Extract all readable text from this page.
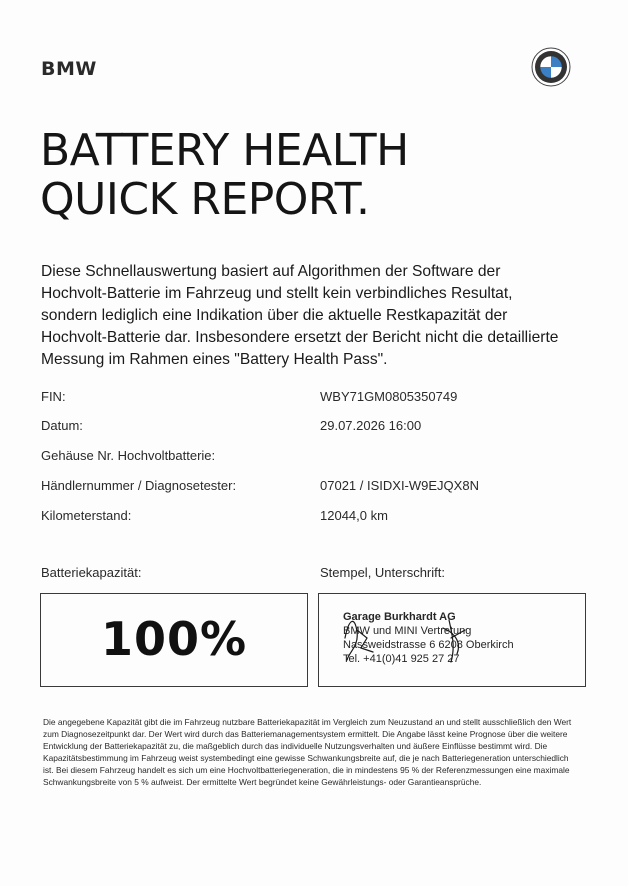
BMW
BATTERY HEALTH
QUICK REPORT.
Diese Schnellauswertung basiert auf Algorithmen der Software der Hochvolt-Batterie im Fahrzeug und stellt kein verbindliches Resultat, sondern lediglich eine Indikation über die aktuelle Restkapazität der Hochvolt-Batterie dar. Insbesondere ersetzt der Bericht nicht die detaillierte Messung im Rahmen eines "Battery Health Pass".
FIN:	WBY71GM0805350749
Datum:	29.07.2026 16:00
Gehäuse Nr. Hochvoltbatterie:
Händlernummer / Diagnosetester:	07021 / ISIDXI-W9EJQX8N
Kilometerstand:	12044,0 km
Batteriekapazität:
100%
Stempel, Unterschrift:
Garage Burkhardt AG
BMW und MINI Vertretung
Nassweidstrasse 6 6208 Oberkirch
Tel. +41(0)41 925 27 27
Die angegebene Kapazität gibt die im Fahrzeug nutzbare Batteriekapazität im Vergleich zum Neuzustand an und stellt ausschließlich den Wert zum Diagnosezeitpunkt dar. Der Wert wird durch das Batteriemanagementsystem ermittelt. Die Angabe lässt keine Prognose über die weitere Entwicklung der Batteriekapazität zu, die maßgeblich durch das individuelle Nutzungsverhalten und äußere Einflüsse bestimmt wird. Die Kapazitätsbestimmung im Fahrzeug weist systembedingt eine gewisse Schwankungsbreite auf, die je nach Batteriegeneration unterschiedlich ist. Bei diesem Fahrzeug handelt es sich um eine Hochvoltbatteriegeneration, die in mindestens 95 % der Referenzmessungen eine maximale Schwankungsbreite von 5 % aufweist. Der ermittelte Wert begründet keine Gewährleistungs- oder Garantieansprüche.
